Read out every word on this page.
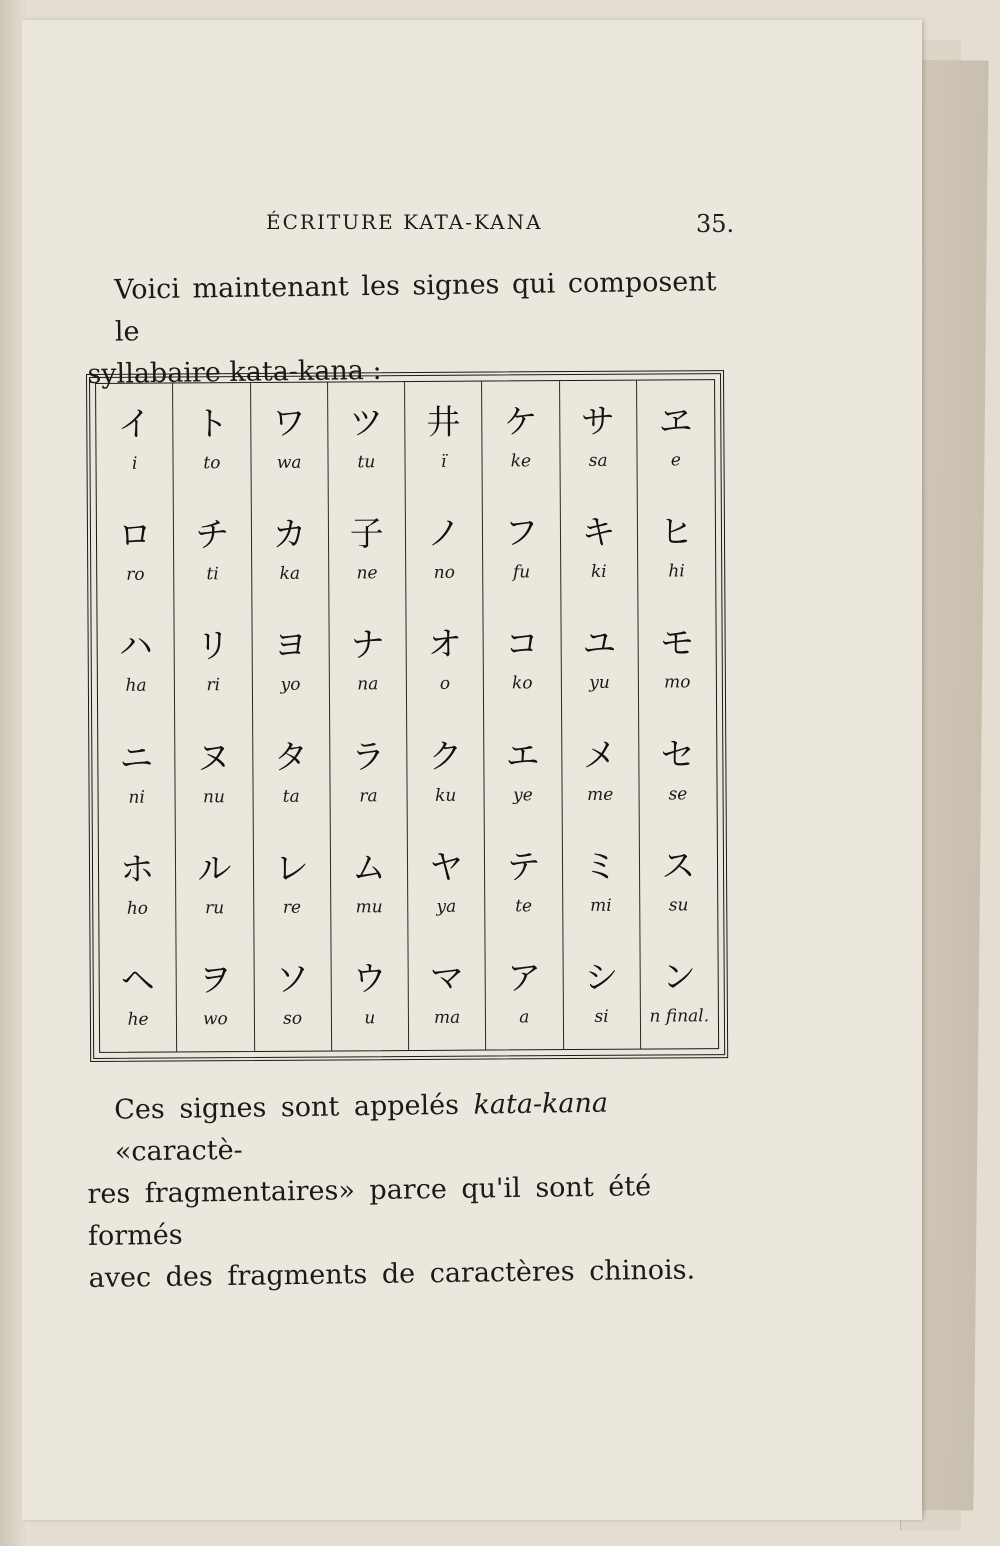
ÉCRITURE KATA-KANA	35.
Voici maintenant les signes qui composent le
syllabaire kata-kana :
イ
i
ロ
ro
ハ
ha
ニ
ni
ホ
ho
ヘ
he
ト
to
チ
ti
リ
ri
ヌ
nu
ル
ru
ヲ
wo
ワ
wa
カ
ka
ヨ
yo
タ
ta
レ
re
ソ
so
ツ
tu
子
ne
ナ
na
ラ
ra
ム
mu
ウ
u
井
ï
ノ
no
オ
o
ク
ku
ヤ
ya
マ
ma
ケ
ke
フ
fu
コ
ko
エ
ye
テ
te
ア
a
サ
sa
キ
ki
ユ
yu
メ
me
ミ
mi
シ
si
ヱ
e
ヒ
hi
モ
mo
セ
se
ス
su
ン
n final.
Ces signes sont appelés kata-kana «caractè-
res fragmentaires» parce qu'il sont été formés
avec des fragments de caractères chinois.
